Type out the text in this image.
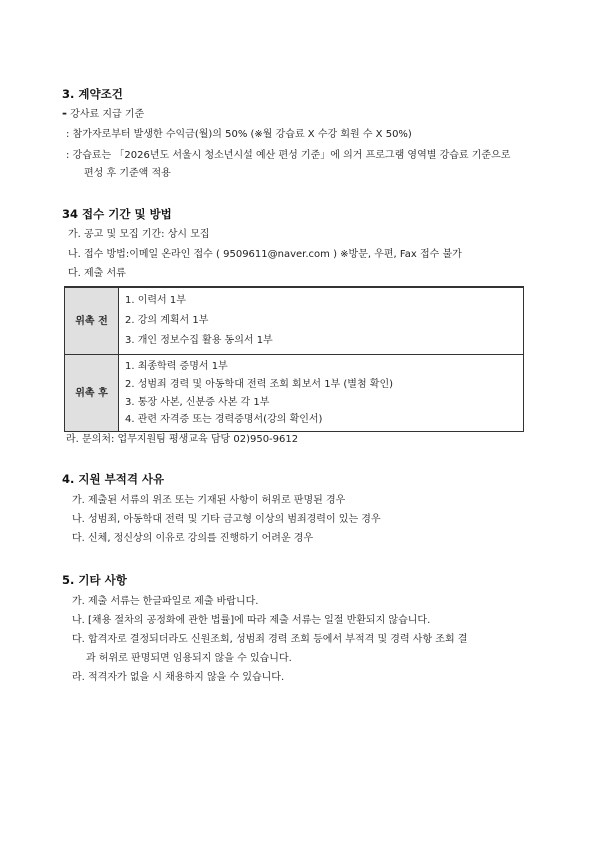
3. 계약조건
- 강사료 지급 기준
: 참가자로부터 발생한 수익금(월)의 50% (※월 강습료 X 수강 회원 수 X 50%)
: 강습료는 「2026년도 서울시 청소년시설 예산 편성 기준」에 의거 프로그램 영역별 강습료 기준으로
편성 후 기준액 적용
34 접수 기간 및 방법
가. 공고 및 모집 기간: 상시 모집
나. 접수 방법:이메일 온라인 접수 ( 9509611@naver.com ) ※방문, 우편, Fax 접수 불가
다. 제출 서류
위촉 전	1. 이력서 1부
2. 강의 계획서 1부
3. 개인 정보수집 활용 동의서 1부

위촉 후	1. 최종학력 증명서 1부
2. 성범죄 경력 및 아동학대 전력 조회 회보서 1부 (별첨 확인)
3. 통장 사본, 신분증 사본 각 1부
4. 관련 자격증 또는 경력증명서(강의 확인서)
라. 문의처: 업무지원팀 평생교육 담당 02)950-9612
4. 지원 부적격 사유
가. 제출된 서류의 위조 또는 기재된 사항이 허위로 판명된 경우
나. 성범죄, 아동학대 전력 및 기타 금고형 이상의 범죄경력이 있는 경우
다. 신체, 정신상의 이유로 강의를 진행하기 어려운 경우
5. 기타 사항
가. 제출 서류는 한글파일로 제출 바랍니다.
나. [채용 절차의 공정화에 관한 법률]에 따라 제출 서류는 일절 반환되지 않습니다.
다. 합격자로 결정되더라도 신원조회, 성범죄 경력 조회 등에서 부적격 및 경력 사항 조회 결
과 허위로 판명되면 임용되지 않을 수 있습니다.
라. 적격자가 없을 시 채용하지 않을 수 있습니다.
